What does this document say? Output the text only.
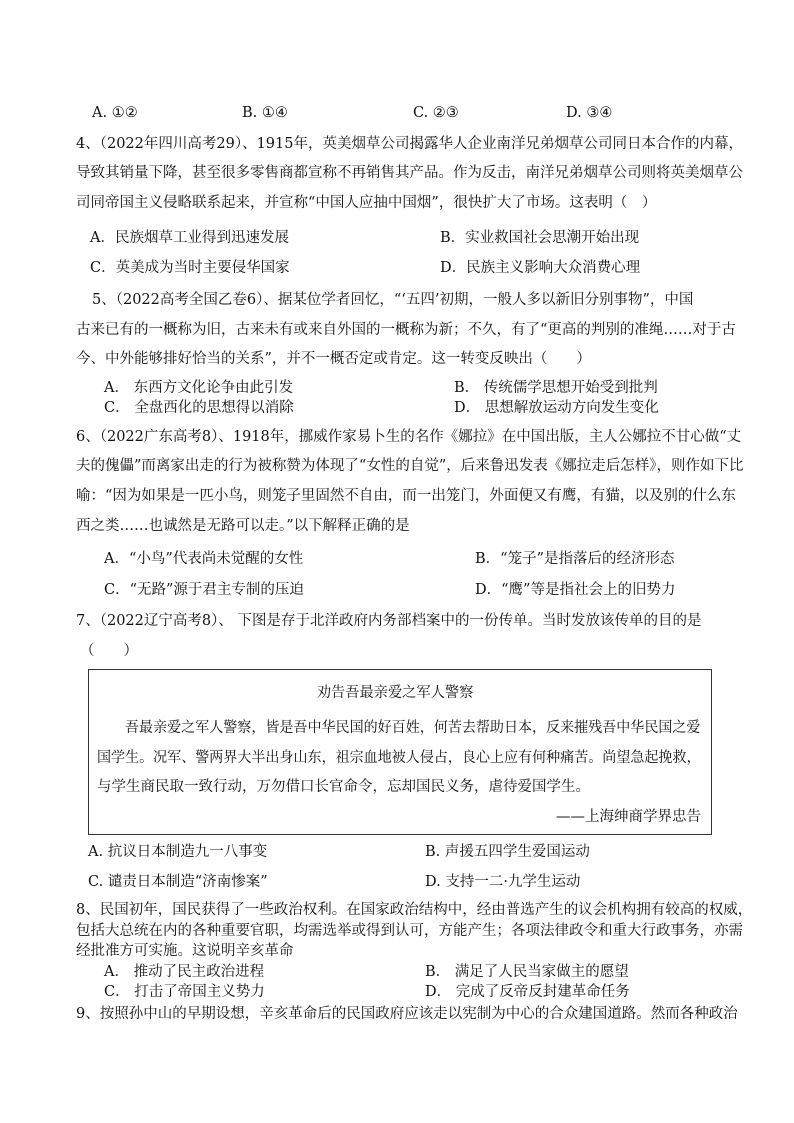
A. ①②	B. ①④	C. ②③	D. ③④
4、（2022年四川高考29）、1915年，英美烟草公司揭露华人企业南洋兄弟烟草公司同日本合作的内幕，
导致其销量下降，甚至很多零售商都宣称不再销售其产品。作为反击，南洋兄弟烟草公司则将英美烟草公
司同帝国主义侵略联系起来，并宣称“中国人应抽中国烟”，很快扩大了市场。这表明（　）
A．民族烟草工业得到迅速发展	B．实业救国社会思潮开始出现
C．英美成为当时主要侵华国家	D．民族主义影响大众消费心理
5、（2022高考全国乙卷6）、据某位学者回忆，“‘五四’初期，一般人多以新旧分别事物”，中国
古来已有的一概称为旧，古来未有或来自外国的一概称为新；不久，有了“更高的判别的准绳……对于古
今、中外能够排好恰当的关系”，并不一概否定或肯定。这一转变反映出（　　）
A． 东西方文化论争由此引发	B． 传统儒学思想开始受到批判
C． 全盘西化的思想得以消除	D． 思想解放运动方向发生变化
6、（2022广东高考8）、1918年，挪威作家易卜生的名作《娜拉》在中国出版，主人公娜拉不甘心做“丈
夫的傀儡”而离家出走的行为被称赞为体现了“女性的自觉”，后来鲁迅发表《娜拉走后怎样》，则作如下比
喻：“因为如果是一匹小鸟，则笼子里固然不自由，而一出笼门，外面便又有鹰，有猫，以及别的什么东
西之类……也诚然是无路可以走。”以下解释正确的是
A．“小鸟”代表尚未觉醒的女性	B．“笼子”是指落后的经济形态
C．“无路”源于君主专制的压迫	D．“鹰”等是指社会上的旧势力
7、（2022辽宁高考8）、 下图是存于北洋政府内务部档案中的一份传单。当时发放该传单的目的是
（　　）
劝告吾最亲爱之军人警察
吾最亲爱之军人警察，皆是吾中华民国的好百姓，何苦去帮助日本，反来摧残吾中华民国之爱
国学生。况军、警两界大半出身山东，祖宗血地被人侵占，良心上应有何种痛苦。尚望急起挽救，
与学生商民取一致行动，万勿借口长官命令，忘却国民义务，虐待爱国学生。
——上海绅商学界忠告
A. 抗议日本制造九一八事变	B. 声援五四学生爱国运动
C. 谴责日本制造“济南惨案”	D. 支持一二·九学生运动
8、民国初年，国民获得了一些政治权利。在国家政治结构中，经由普选产生的议会机构拥有较高的权威，
包括大总统在内的各种重要官职，均需选举或得到认可，方能产生；各项法律政令和重大行政事务，亦需
经批准方可实施。这说明辛亥革命
A． 推动了民主政治进程	B． 满足了人民当家做主的愿望
C． 打击了帝国主义势力	D． 完成了反帝反封建革命任务
9、按照孙中山的早期设想，辛亥革命后的民国政府应该走以宪制为中心的合众建国道路。然而各种政治
